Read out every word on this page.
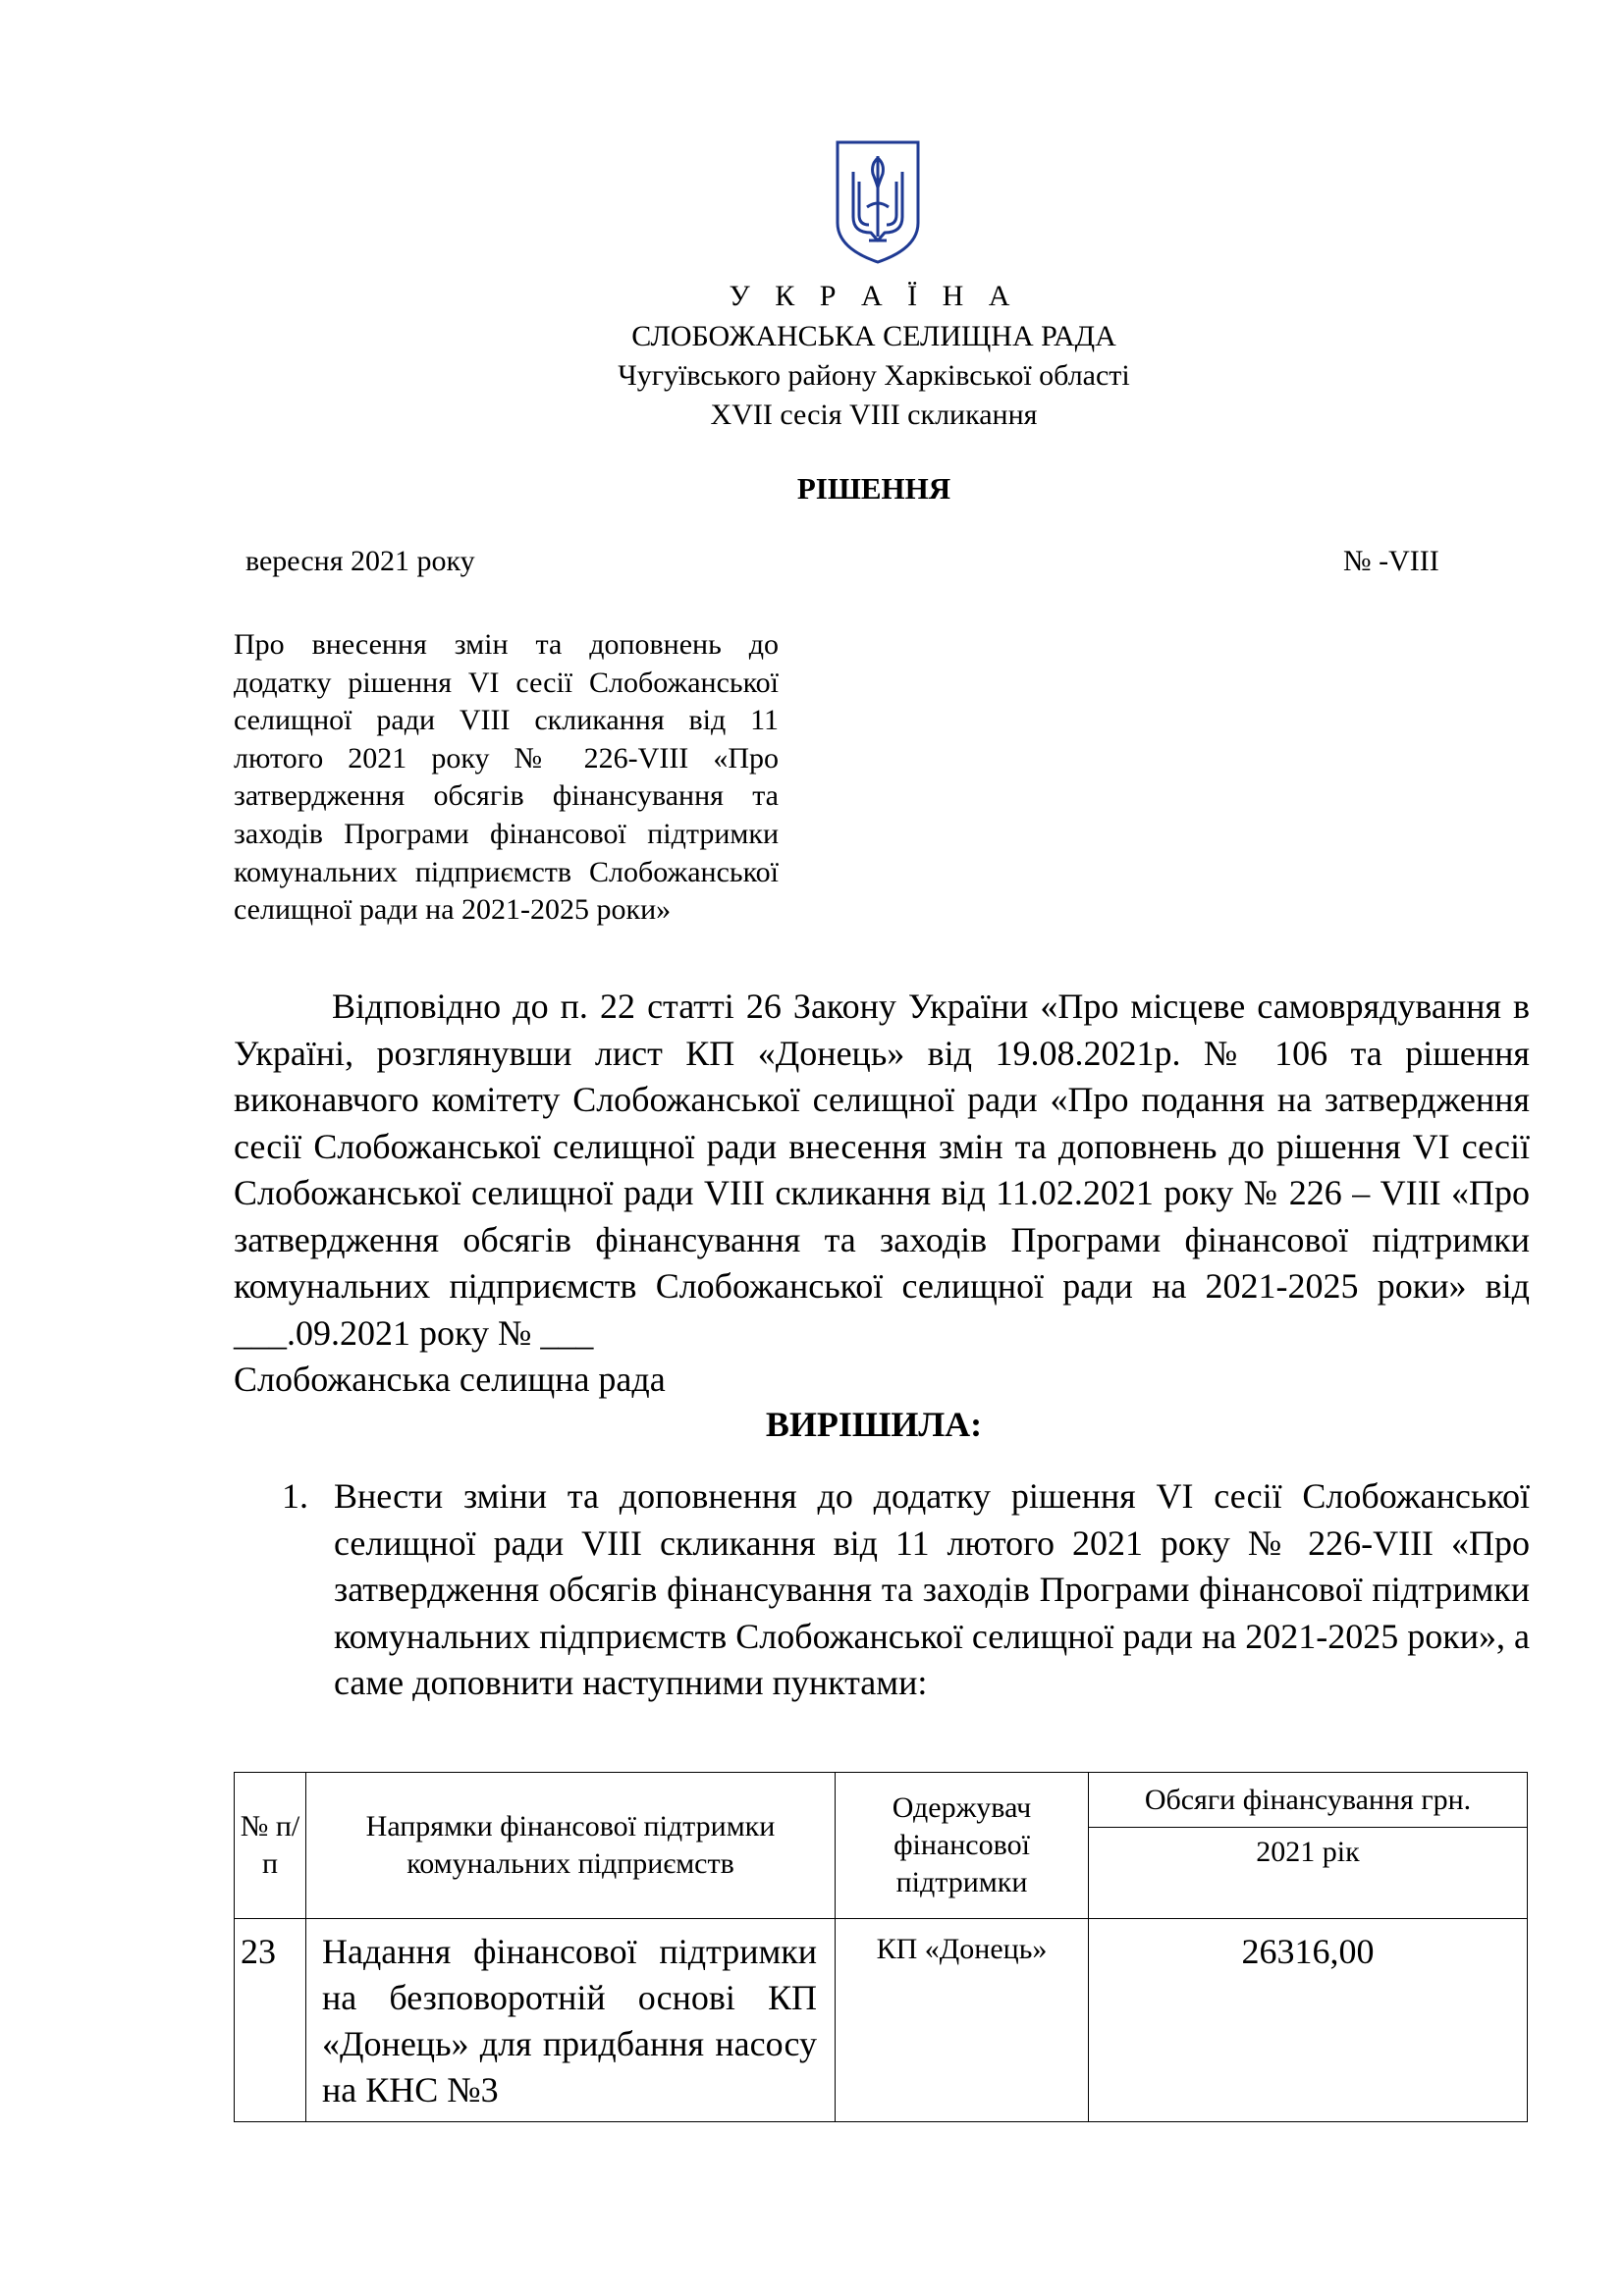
У К Р А Ї Н А
СЛОБОЖАНСЬКА СЕЛИЩНА РАДА
Чугуївського району Харківської області
XVII сесія VIII скликання
РІШЕННЯ
вересня 2021 року	№ -VIII
Про внесення змін та доповнень до додатку рішення VI сесії Слобожанської селищної ради VIII скликання від 11 лютого 2021 року № 226-VIII «Про затвердження обсягів фінансування та заходів Програми фінансової підтримки комунальних підприємств Слобожанської селищної ради на 2021-2025 роки»
Відповідно до п. 22 статті 26 Закону України «Про місцеве самоврядування в Україні, розглянувши лист КП «Донець» від 19.08.2021р. № 106 та рішення виконавчого комітету Слобожанської селищної ради «Про подання на затвердження сесії Слобожанської селищної ради внесення змін та доповнень до рішення VI сесії Слобожанської селищної ради VIII скликання від 11.02.2021 року № 226 – VIII «Про затвердження обсягів фінансування та заходів Програми фінансової підтримки комунальних підприємств Слобожанської селищної ради на 2021-2025 роки» від ___.09.2021 року № ___
Слобожанська селищна рада
ВИРІШИЛА:
1. Внести зміни та доповнення до додатку рішення VI сесії Слобожанської селищної ради VIII скликання від 11 лютого 2021 року № 226-VIII «Про затвердження обсягів фінансування та заходів Програми фінансової підтримки комунальних підприємств Слобожанської селищної ради на 2021-2025 роки», а саме доповнити наступними пунктами:
№ п/п	Напрямки фінансової підтримки комунальних підприємств	Одержувач фінансової підтримки	Обсяги фінансування грн.
			2021 рік
23	Надання фінансової підтримки на безповоротній основі КП «Донець» для придбання насосу на КНС №3	КП «Донець»	26316,00
